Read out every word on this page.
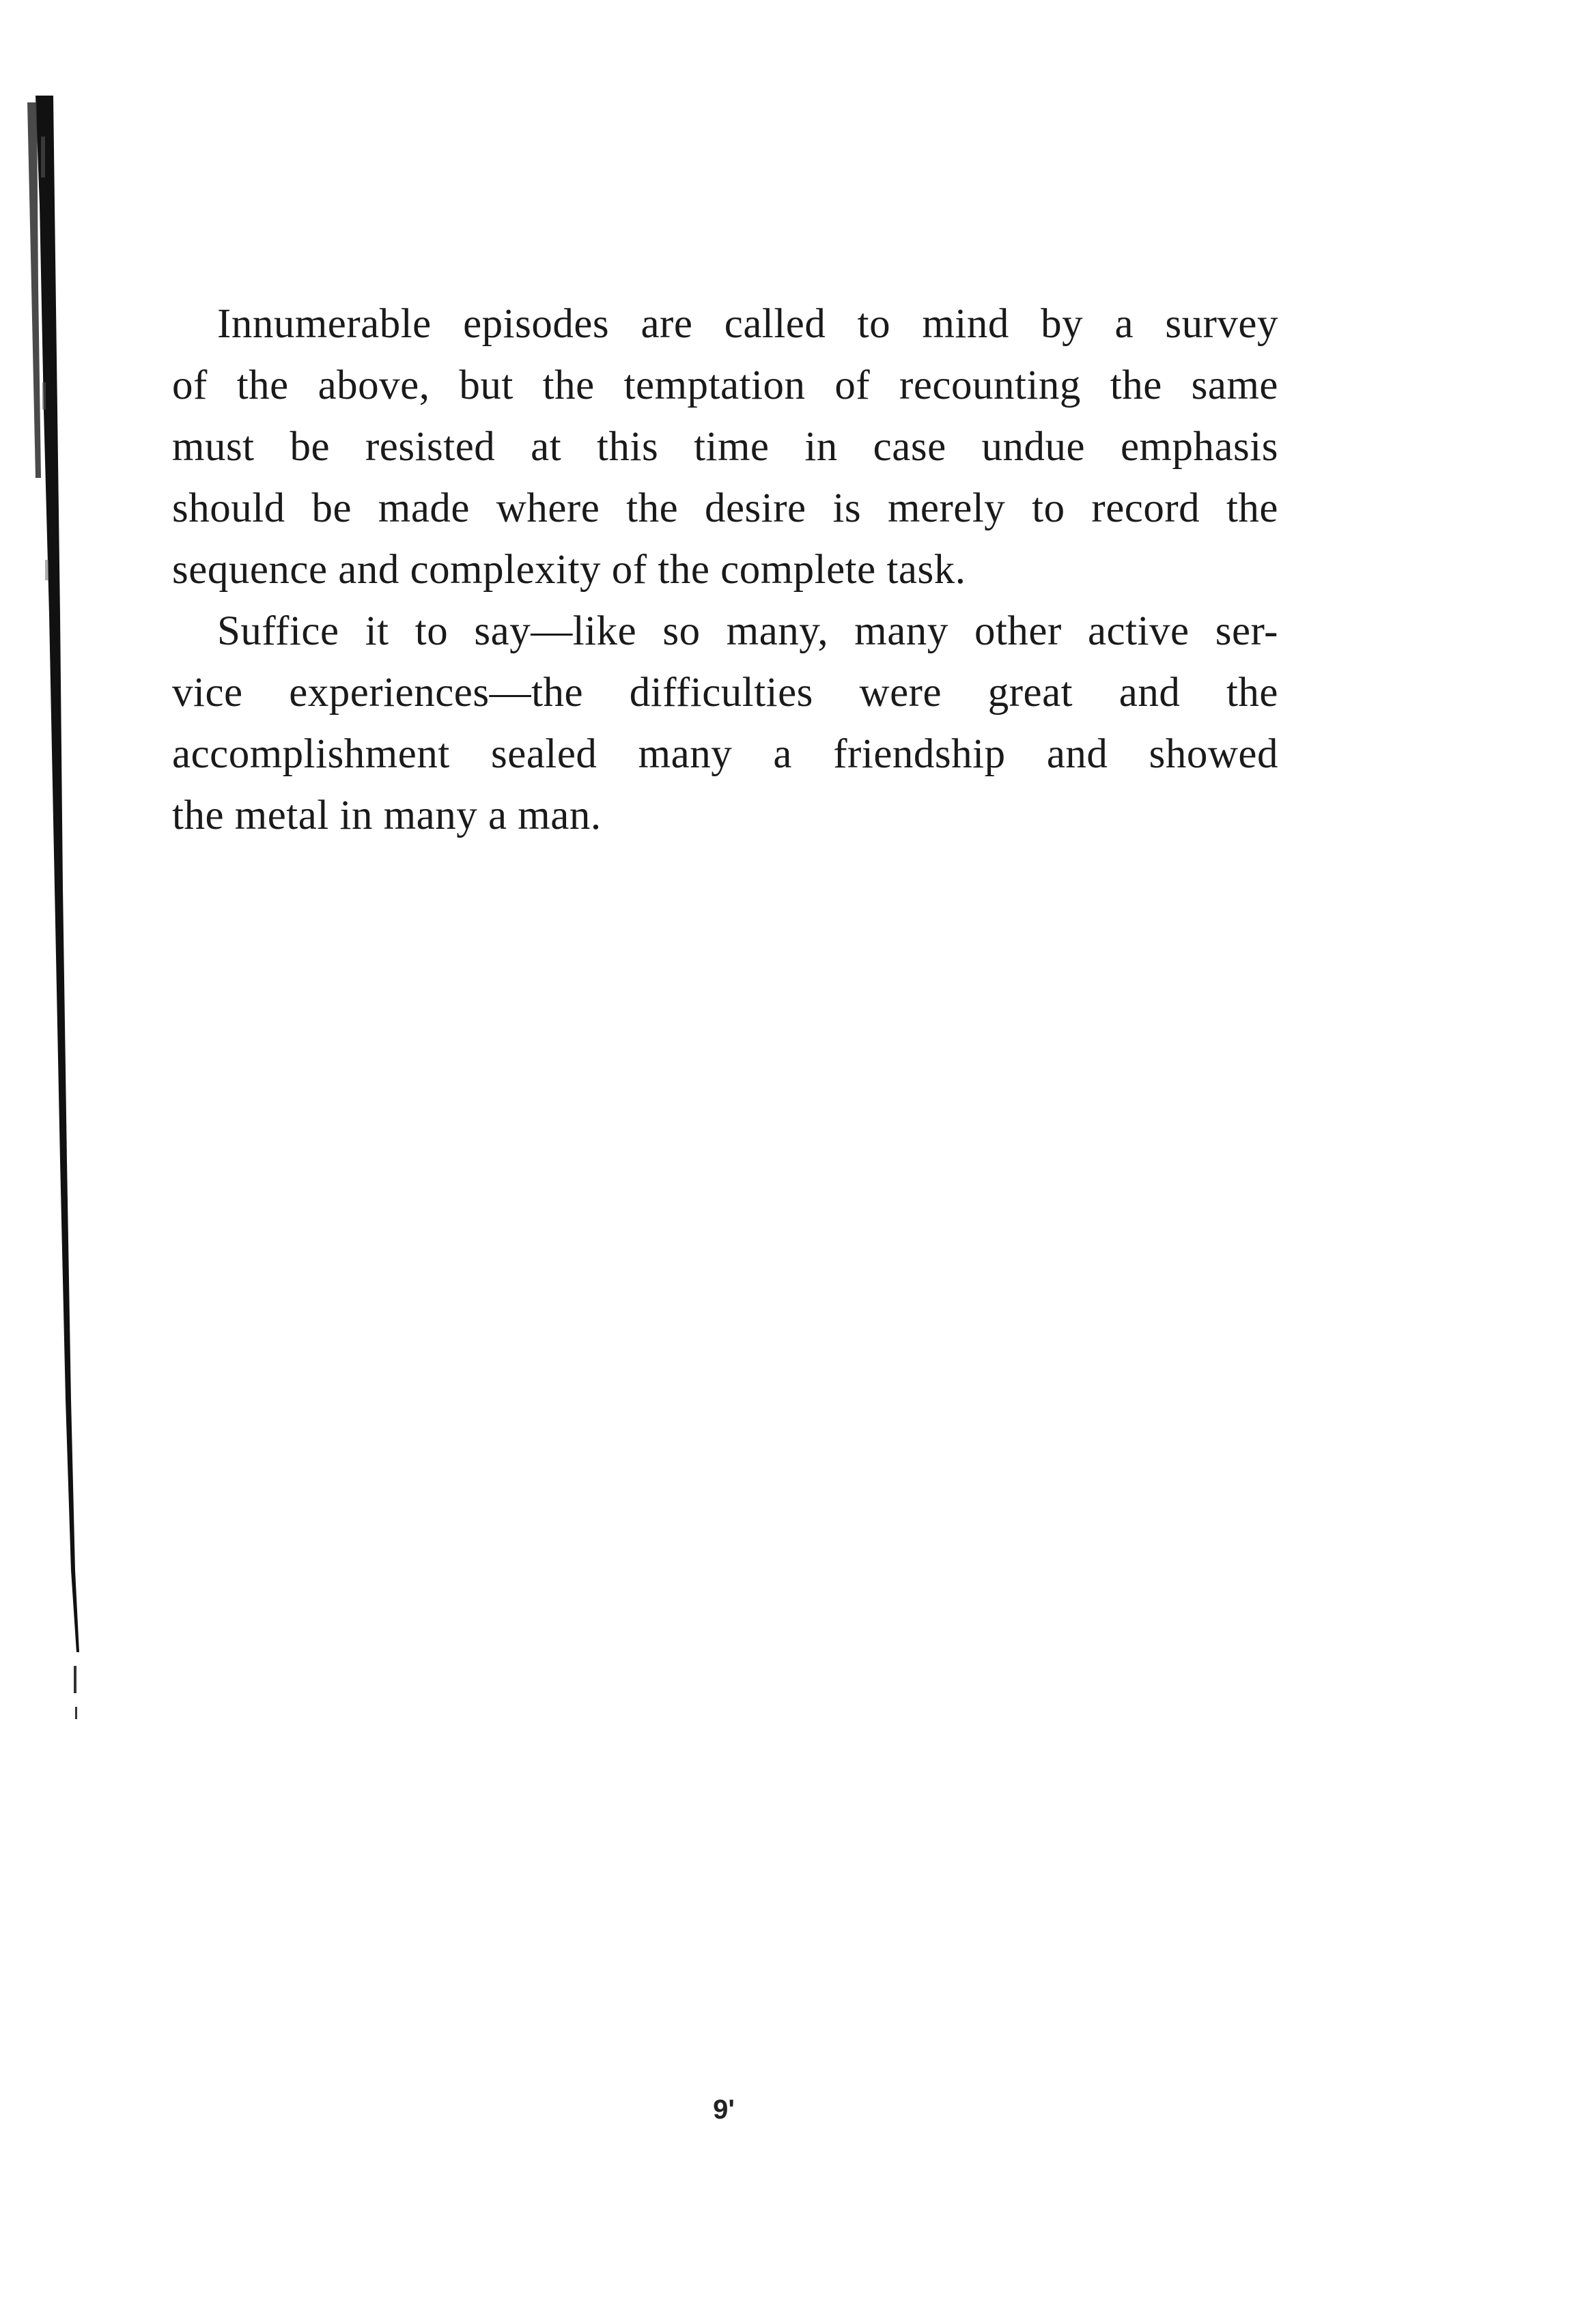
Innumerable episodes are called to mind by a survey
of the above, but the temptation of recounting the same
must be resisted at this time in case undue emphasis
should be made where the desire is merely to record the
sequence and complexity of the complete task.
Suffice it to say—like so many, many other active ser-
vice experiences—the difficulties were great and the
accomplishment sealed many a friendship and showed
the metal in many a man.
9'
